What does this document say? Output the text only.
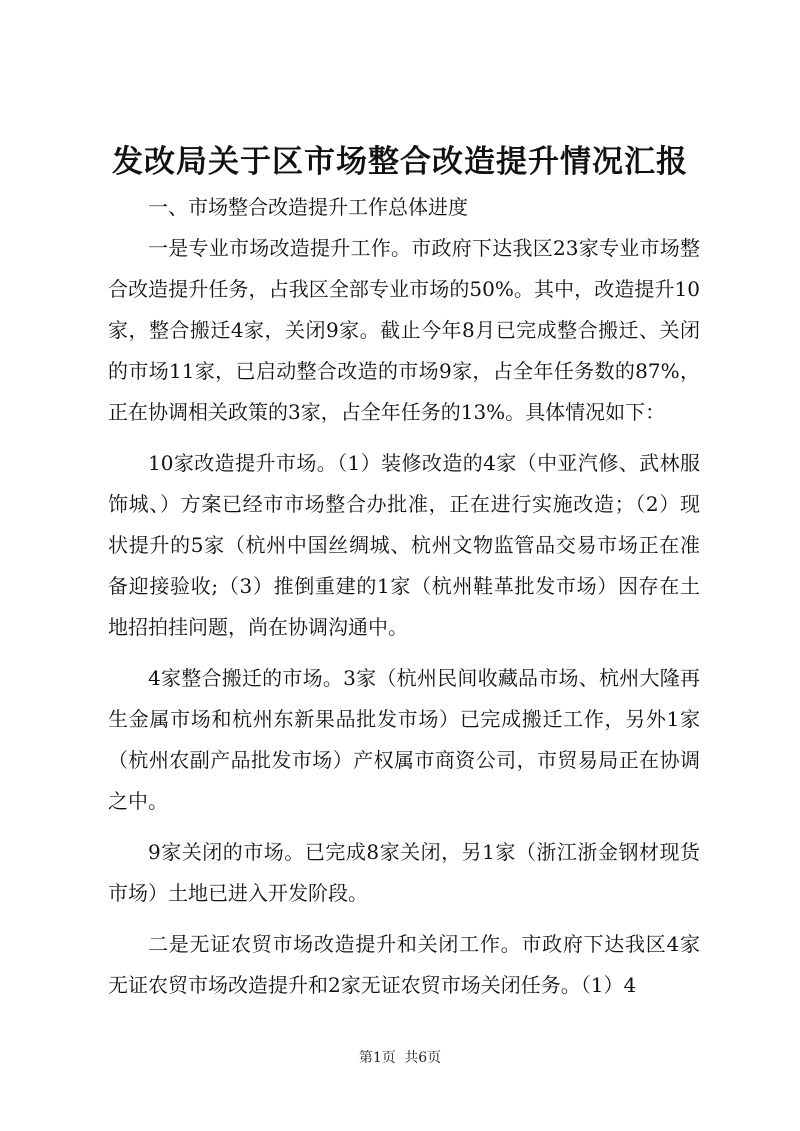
发改局关于区市场整合改造提升情况汇报

一、市场整合改造提升工作总体进度

一是专业市场改造提升工作。市政府下达我区23家专业市场整合改造提升任务，占我区全部专业市场的50%。其中，改造提升10家，整合搬迁4家，关闭9家。截止今年8月已完成整合搬迁、关闭的市场11家，已启动整合改造的市场9家，占全年任务数的87%，正在协调相关政策的3家，占全年任务的13%。具体情况如下：

10家改造提升市场。（1）装修改造的4家（中亚汽修、武林服饰城、）方案已经市市场整合办批准，正在进行实施改造；（2）现状提升的5家（杭州中国丝绸城、杭州文物监管品交易市场正在准备迎接验收;（3）推倒重建的1家（杭州鞋革批发市场）因存在土地招拍挂问题，尚在协调沟通中。

4家整合搬迁的市场。3家（杭州民间收藏品市场、杭州大隆再生金属市场和杭州东新果品批发市场）已完成搬迁工作，另外1家（杭州农副产品批发市场）产权属市商资公司，市贸易局正在协调之中。

9家关闭的市场。已完成8家关闭，另1家（浙江浙金钢材现货市场）土地已进入开发阶段。

二是无证农贸市场改造提升和关闭工作。市政府下达我区4家无证农贸市场改造提升和2家无证农贸市场关闭任务。（1）4

第1页 共6页
